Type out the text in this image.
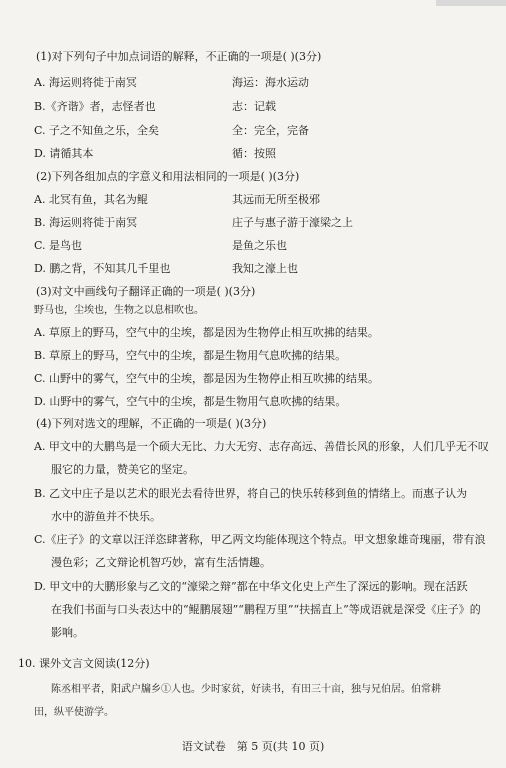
(1)对下列句子中加点词语的解释，不正确的一项是( )(3分)
A. 海运则将徙于南冥	海运：海水运动
B.《齐谐》者，志怪者也	志：记载
C. 子之不知鱼之乐，全矣	全：完全，完备
D. 请循其本	循：按照
(2)下列各组加点的字意义和用法相同的一项是( )(3分)
A. 北冥有鱼，其名为鲲	其远而无所至极邪
B. 海运则将徙于南冥	庄子与惠子游于濠梁之上
C. 是鸟也	是鱼之乐也
D. 鹏之背，不知其几千里也	我知之濠上也
(3)对文中画线句子翻译正确的一项是( )(3分)
野马也，尘埃也，生物之以息相吹也。
A. 草原上的野马，空气中的尘埃，都是因为生物停止相互吹拂的结果。
B. 草原上的野马，空气中的尘埃，都是生物用气息吹拂的结果。
C. 山野中的雾气，空气中的尘埃，都是因为生物停止相互吹拂的结果。
D. 山野中的雾气，空气中的尘埃，都是生物用气息吹拂的结果。
(4)下列对选文的理解，不正确的一项是( )(3分)
A. 甲文中的大鹏鸟是一个硕大无比、力大无穷、志存高远、善借长风的形象，人们几乎无不叹
服它的力量，赞美它的坚定。
B. 乙文中庄子是以艺术的眼光去看待世界，将自己的快乐转移到鱼的情绪上。而惠子认为
水中的游鱼并不快乐。
C.《庄子》的文章以汪洋恣肆著称，甲乙两文均能体现这个特点。甲文想象雄奇瑰丽，带有浪
漫色彩；乙文辩论机智巧妙，富有生活情趣。
D. 甲文中的大鹏形象与乙文的“濠梁之辩”都在中华文化史上产生了深远的影响。现在活跃
在我们书面与口头表达中的“鲲鹏展翅”“鹏程万里”“扶摇直上”等成语就是深受《庄子》的
影响。
10. 课外文言文阅读(12分)
陈丞相平者，阳武户牖乡①人也。少时家贫，好读书，有田三十亩，独与兄伯居。伯常耕
田，纵平使游学。
语文试卷　第 5 页(共 10 页)
